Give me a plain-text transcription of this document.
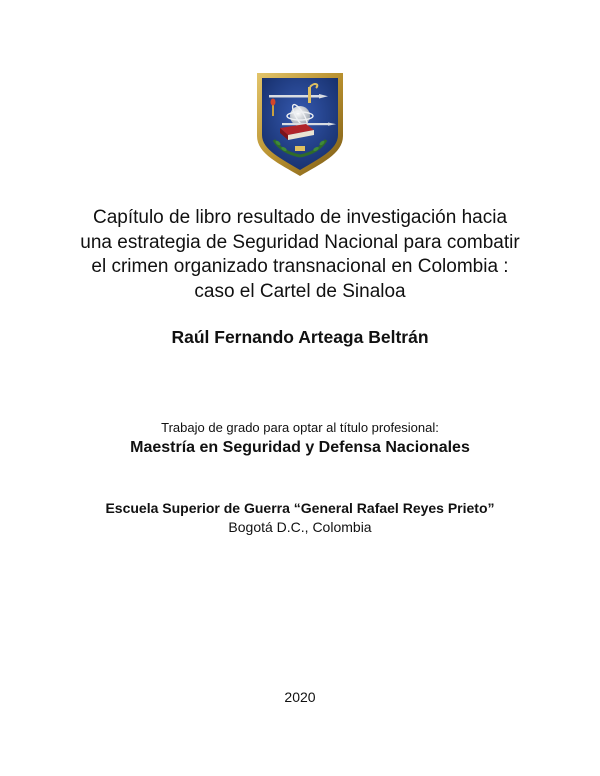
Capítulo de libro resultado de investigación hacia
una estrategia de Seguridad Nacional para combatir
el crimen organizado transnacional en Colombia :
caso el Cartel de Sinaloa
Raúl Fernando Arteaga Beltrán
Trabajo de grado para optar al título profesional:
Maestría en Seguridad y Defensa Nacionales
Escuela Superior de Guerra “General Rafael Reyes Prieto”
Bogotá D.C., Colombia
2020
